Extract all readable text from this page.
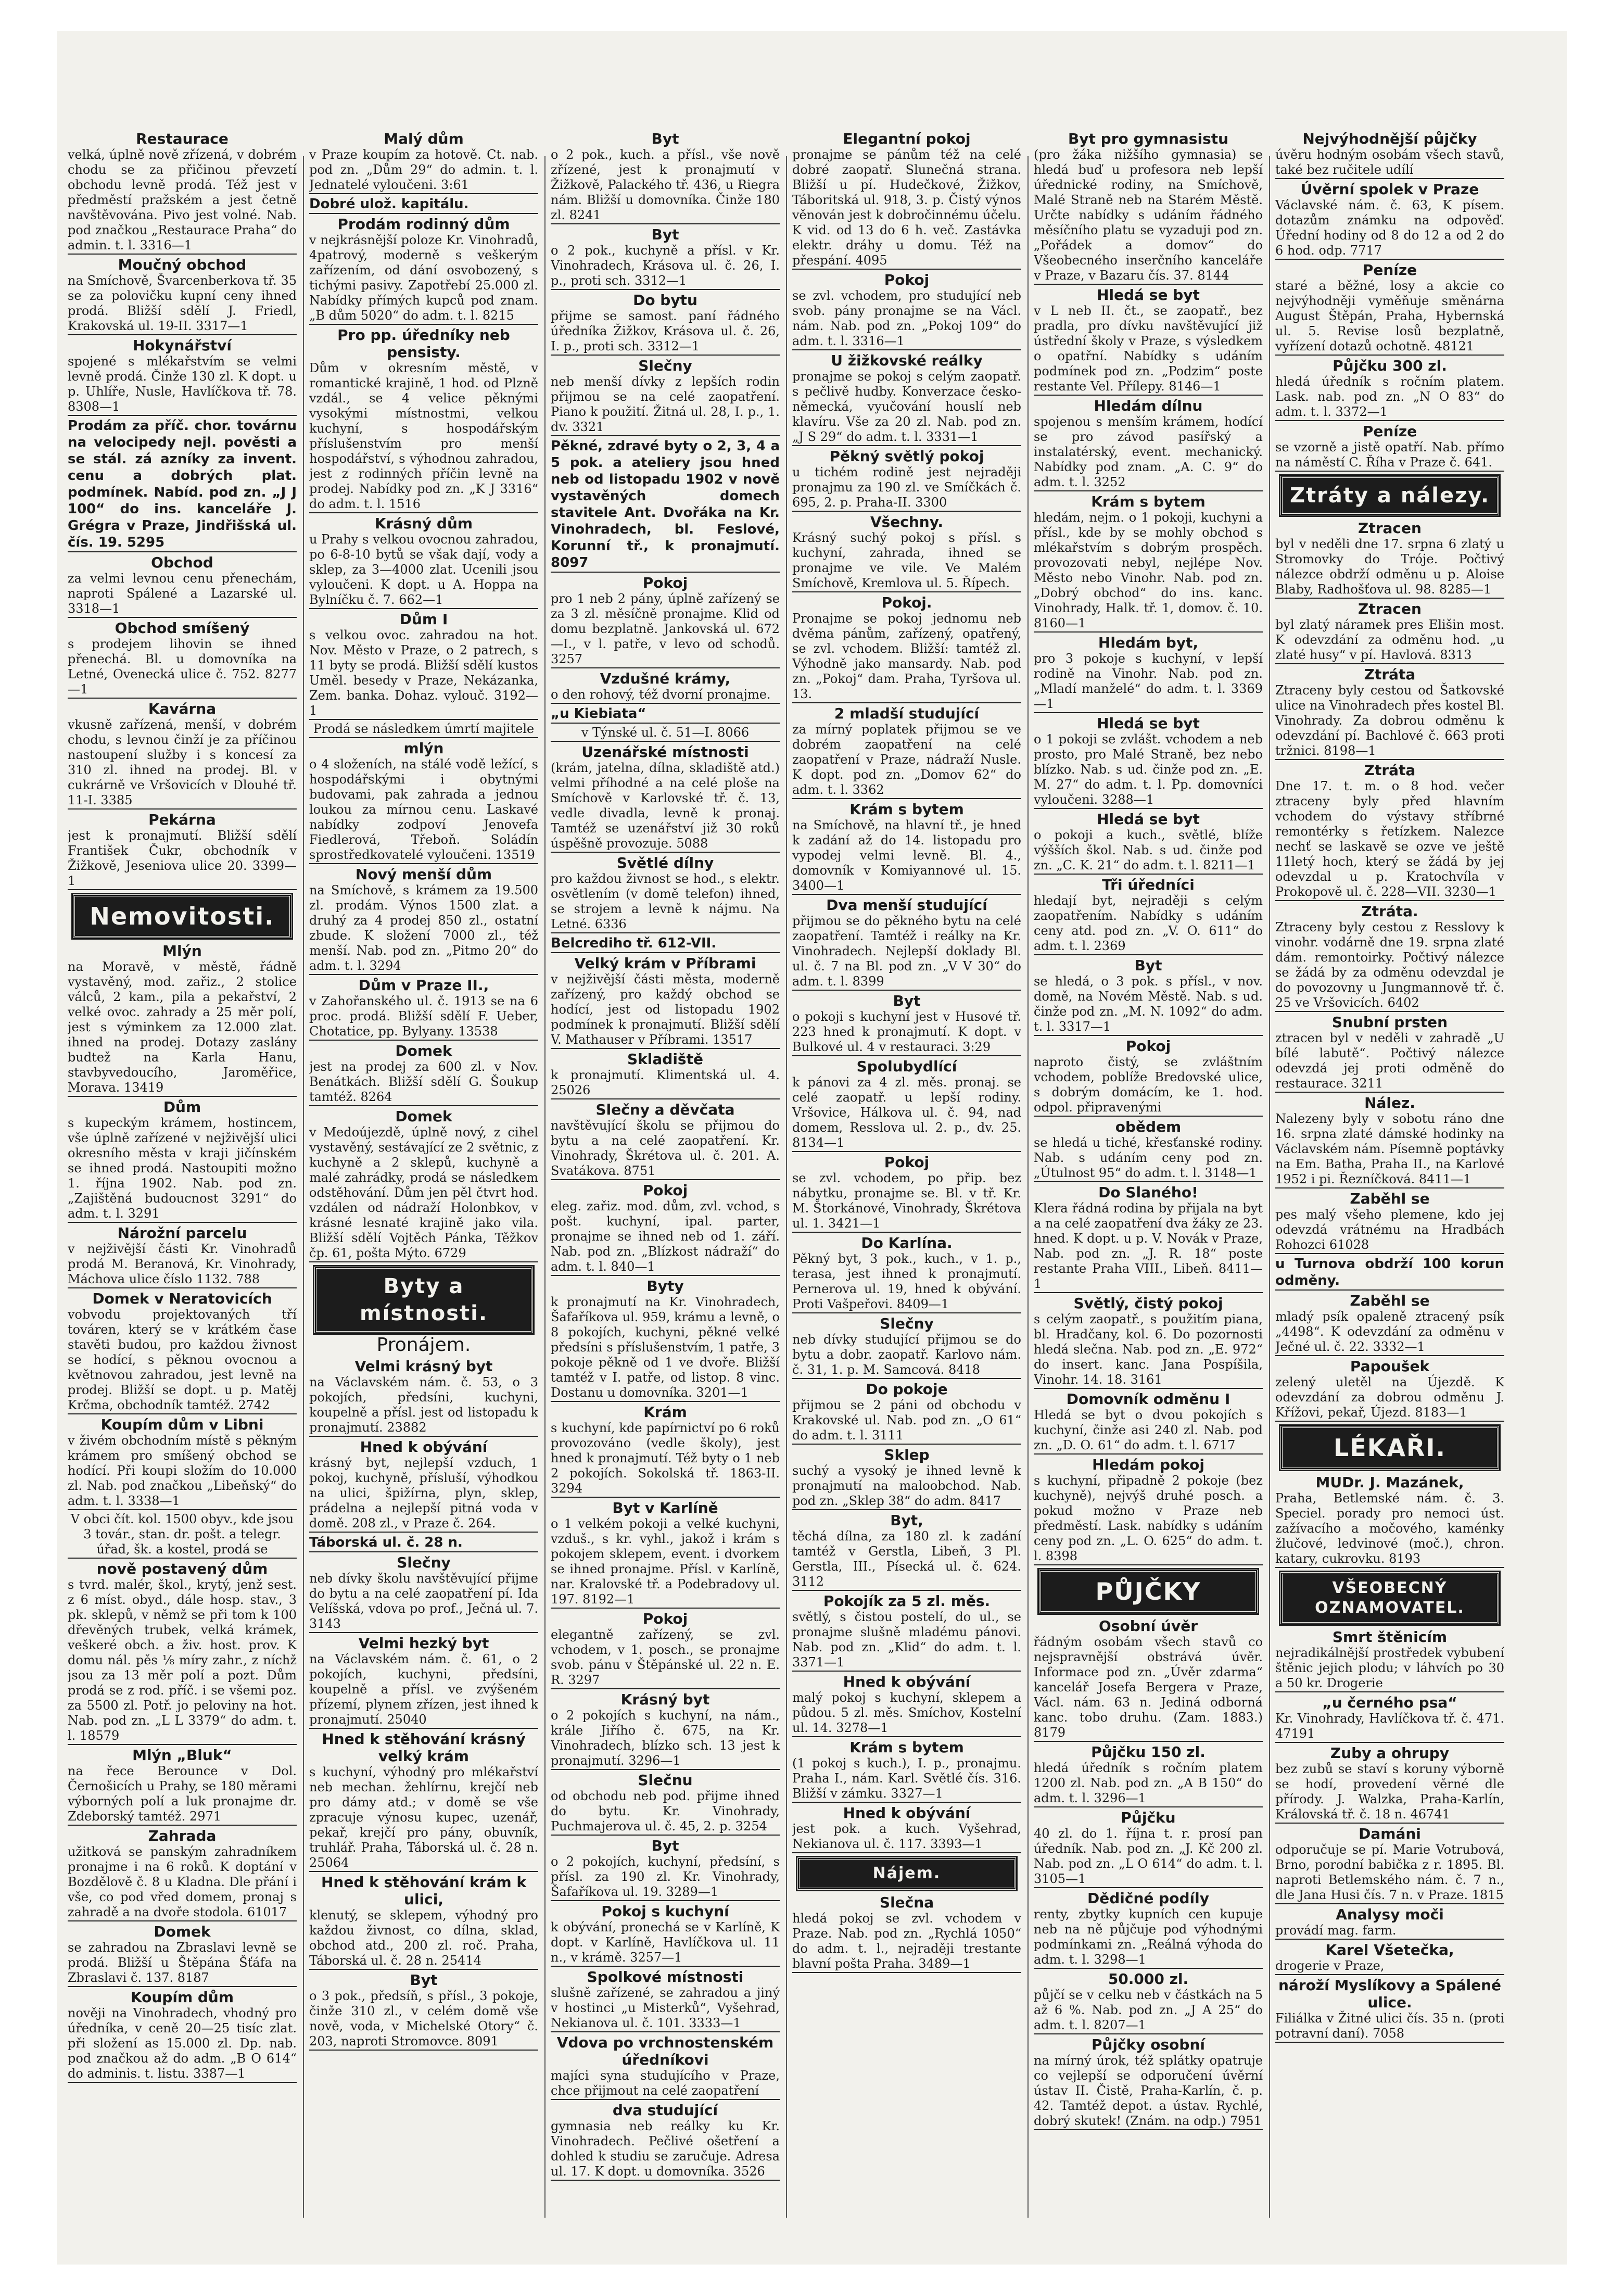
Restaurace

velká, úplně nově zřízená, v dobrém chodu se za přičinou převzetí obchodu levně prodá. Též jest v předměstí pražském a jest četně navštěvována. Pivo jest volné. Nab. pod značkou „Restaurace Praha“ do admin. t. l. 3316—1

Moučný obchod

na Smíchově, Švarcenberkova tř. 35 se za polovičku kupní ceny ihned prodá. Bližší sdělí J. Friedl, Krakovská ul. 19-II. 3317—1

Hokynářství

spojené s mlékařstvím se velmi levně prodá. Činže 130 zl. K dopt. u p. Uhlíře, Nusle, Havlíčkova tř. 78. 8308—1

Prodám za příč. chor. továrnu na velocipedy nejl. pověsti a se stál. zá azníky za invent. cenu a dobrých plat. podmínek. Nabíd. pod zn. „J J 100“ do ins. kanceláře J. Grégra v Praze, Jindřišská ul. čís. 19. 5295

Obchod

za velmi levnou cenu přenechám, naproti Spálené a Lazarské ul. 3318—1

Obchod smíšený

s prodejem lihovin se ihned přenechá. Bl. u domovníka na Letné, Ovenecká ulice č. 752. 8277—1

Kavárna

vkusně zařízená, menší, v dobrém chodu, s levnou činží je za příčinou nastoupení služby i s koncesí za 310 zl. ihned na prodej. Bl. v cukrárně ve Vršovicích v Dlouhé tř. 11-I. 3385

Pekárna

jest k pronajmutí. Bližší sdělí František Čukr, obchodník v Žižkově, Jeseniova ulice 20. 3399—1

Nemovitosti.
Mlýn

na Moravě, v městě, řádně vystavěný, mod. zařiz., 2 stolice válců, 2 kam., pila a pekařství, 2 velké ovoc. zahrady a 25 měr polí, jest s výminkem za 12.000 zlat. ihned na prodej. Dotazy zaslány budtež na Karla Hanu, stavbyvedoucího, Jaroměřice, Morava. 13419

Dům

s kupeckým krámem, hostincem, vše úplně zařízené v nejživější ulici okresního města v kraji jičínském se ihned prodá. Nastoupiti možno 1. října 1902. Nab. pod zn. „Zajištěná budoucnost 3291“ do adm. t. l. 3291

Nárožní parcelu

v nejživější části Kr. Vinohradů prodá M. Beranová, Kr. Vinohrady, Máchova ulice číslo 1132. 788

Domek v Neratovicích

vobvodu projektovaných tří továren, který se v krátkém čase stavěti budou, pro každou živnost se hodící, s pěknou ovocnou a květnovou zahradou, jest levně na prodej. Bližší se dopt. u p. Matěj Krčma, obchodník tamtéž. 2742

Koupím dům v Libni

v živém obchodním místě s pěkným krámem pro smíšený obchod se hodící. Při koupi složím do 10.000 zl. Nab. pod značkou „Libeňský“ do adm. t. l. 3338—1

V obci čít. kol. 1500 obyv., kde jsou 3 továr., stan. dr. pošt. a telegr. úřad, šk. a kostel, prodá se

nově postavený dům

s tvrd. malér, škol., krytý, jenž sest. z 6 míst. obyd., dále hosp. stav., 3 pk. sklepů, v němž se při tom k 100 dřevěných trubek, velká krámek, veškeré obch. a živ. host. prov. K domu nál. pěs ⅛ míry zahr., z níchž jsou za 13 měr polí a pozt. Dům prodá se z rod. příč. i se všemi poz. za 5500 zl. Potř. jo peloviny na hot. Nab. pod zn. „L L 3379“ do adm. t. l. 18579

Mlýn „Bluk“

na řece Berounce v Dol. Černošicích u Prahy, se 180 měrami výborných polí a luk pronajme dr. Zdeborský tamtéž. 2971

Zahrada

užitková se panským zahradníkem pronajme i na 6 roků. K doptání v Bozdělově č. 8 u Kladna. Dle přání i vše, co pod vřed domem, pronaj s zahradě a na dvoře stodola. 61017

Domek

se zahradou na Zbraslavi levně se prodá. Bližší u Štěpána Šťáfa na Zbraslavi č. 137. 8187

Koupím dům

nověji na Vinohradech, vhodný pro úředníka, v ceně 20—25 tisíc zlat. při složení as 15.000 zl. Dp. nab. pod značkou až do adm. „B O 614“ do adminis. t. listu. 3387—1

Malý dům

v Praze koupím za hotově. Ct. nab. pod zn. „Dům 29“ do admin. t. l. Jednatelé vyloučeni. 3:61

Dobré ulož. kapitálu.

Prodám rodinný dům

v nejkrásnější poloze Kr. Vinohradů, 4patrový, moderně s veškerým zařízením, od dání osvobozený, s tichými pasivy. Zapotřebí 25.000 zl. Nabídky přímých kupců pod znam. „B dům 5020“ do adm. t. l. 8215

Pro pp. úředníky neb pensisty.

Dům v okresním městě, v romantické krajině, 1 hod. od Plzně vzdál., se 4 velice pěknými vysokými místnostmi, velkou kuchyní, s hospodářským příslušenstvím pro menší hospodářství, s výhodnou zahradou, jest z rodinných příčin levně na prodej. Nabídky pod zn. „K J 3316“ do adm. t. l. 1516

Krásný dům

u Prahy s velkou ovocnou zahradou, po 6-8-10 bytů se však dají, vody a sklep, za 3—4000 zlat. Ucenili jsou vyloučeni. K dopt. u A. Hoppa na Bylníčku č. 7. 662—1

Dům I

s velkou ovoc. zahradou na hot. Nov. Město v Praze, o 2 patrech, s 11 byty se prodá. Bližší sdělí kustos Uměl. besedy v Praze, Nekázanka, Zem. banka. Dohaz. vylouč. 3192—1

Prodá se následkem úmrtí majitele

mlýn

o 4 složeních, na stálé vodě ležící, s hospodářskými i obytnými budovami, pak zahrada a jednou loukou za mírnou cenu. Laskavé nabídky zodpoví Jenovefa Fiedlerová, Třeboň. Soládín sprostředkovatelé vyloučeni. 13519

Nový menší dům

na Smíchově, s krámem za 19.500 zl. prodám. Výnos 1500 zlat. a druhý za 4 prodej 850 zl., ostatní zbude. K složení 7000 zl., též menší. Nab. pod zn. „Pitmo 20“ do adm. t. l. 3294

Dům v Praze II.,

v Zahořanského ul. č. 1913 se na 6 proc. prodá. Bližší sdělí F. Ueber, Chotatice, pp. Bylyany. 13538

Domek

jest na prodej za 600 zl. v Nov. Benátkách. Bližší sdělí G. Šoukup tamtéž. 8264

Domek

v Medoújezdě, úplně nový, z cihel vystavěný, sestávající ze 2 světnic, z kuchyně a 2 sklepů, kuchyně a malé zahrádky, prodá se následkem odstěhování. Dům jen pěl čtvrt hod. vzdálen od nádraží Holonbkov, v krásné lesnaté krajině jako vila. Bližší sdělí Vojtěch Pánka, Těžkov čp. 61, pošta Mýto. 6729

Byty a místnosti.
Pronájem.
Velmi krásný byt

na Václavském nám. č. 53, o 3 pokojích, předsíni, kuchyni, koupelně a přísl. jest od listopadu k pronajmutí. 23882

Hned k obývání

krásný byt, nejlepší vzduch, 1 pokoj, kuchyně, přísluší, výhodkou na ulici, špižírna, plyn, sklep, prádelna a nejlepší pitná voda v domě. 208 zl., v Praze č. 264.

Táborská ul. č. 28 n.

Slečny

neb dívky školu navštěvující přijme do bytu a na celé zaopatření pí. Ida Velíšská, vdova po prof., Ječná ul. 7. 3143

Velmi hezký byt

na Václavském nám. č. 61, o 2 pokojích, kuchyni, předsíni, koupelně a přísl. ve zvýšeném přízemí, plynem zřízen, jest ihned k pronajmutí. 25040

Hned k stěhování krásný velký krám

s kuchyní, výhodný pro mlékařství neb mechan. žehlírnu, krejčí neb pro dámy atd.; v domě se vše zpracuje výnosu kupec, uzenář, pekař, krejčí pro pány, obuvník, truhlář. Praha, Táborská ul. č. 28 n. 25064

Hned k stěhování krám k ulici,

klenutý, se sklepem, výhodný pro každou živnost, co dílna, sklad, obchod atd., 200 zl. roč. Praha, Táborská ul. č. 28 n. 25414

Byt

o 3 pok., předsíň, s přísl., 3 pokoje, činže 310 zl., v celém domě vše nově, voda, v Michelské Otory“ č. 203, naproti Stromovce. 8091

Byt

o 2 pok., kuch. a přísl., vše nově zřízené, jest k pronajmutí v Žižkově, Palackého tř. 436, u Riegra nám. Bližší u domovníka. Činže 180 zl. 8241

Byt

o 2 pok., kuchyně a přísl. v Kr. Vinohradech, Krásova ul. č. 26, I. p., proti sch. 3312—1

Do bytu

přijme se samost. paní řádného úředníka Žižkov, Krásova ul. č. 26, I. p., proti sch. 3312—1

Slečny

neb menší dívky z lepších rodin přijmou se na celé zaopatření. Piano k použití. Žitná ul. 28, I. p., 1. dv. 3321

Pěkné, zdravé byty o 2, 3, 4 a 5 pok. a ateliery jsou hned neb od listopadu 1902 v nově vystavěných domech stavitele Ant. Dvořáka na Kr. Vinohradech, bl. Feslové, Korunní tř., k pronajmutí. 8097

Pokoj

pro 1 neb 2 pány, úplně zařízený se za 3 zl. měsíčně pronajme. Klid od domu bezplatně. Jankovská ul. 672—I., v l. patře, v levo od schodů. 3257

Vzdušné krámy,

o den rohový, též dvorní pronajme.

„u Kiebiata“

v Týnské ul. č. 51—I. 8066

Uzenářské místnosti

(krám, jatelna, dílna, skladiště atd.) velmi příhodné a na celé ploše na Smíchově v Karlovské tř. č. 13, vedle divadla, levně k pronaj. Tamtéž se uzenářství již 30 roků úspěšně provozuje. 5088

Světlé dílny

pro každou živnost se hod., s elektr. osvětlením (v domě telefon) ihned, se strojem a levně k nájmu. Na Letné. 6336

Belcrediho tř. 612-VII.

Velký krám v Příbrami

v nejživější části města, moderně zařízený, pro každý obchod se hodící, jest od listopadu 1902 podmínek k pronajmutí. Bližší sdělí V. Mathauser v Příbrami. 13517

Skladiště

k pronajmutí. Klimentská ul. 4. 25026

Slečny a děvčata

navštěvující školu se přijmou do bytu a na celé zaopatření. Kr. Vinohrady, Škrétova ul. č. 201. A. Svatákova. 8751

Pokoj

eleg. zařiz. mod. dům, zvl. vchod, s pošt. kuchyní, ipal. parter, pronajme se ihned neb od 1. září. Nab. pod zn. „Blízkost nádraží“ do adm. t. l. 840—1

Byty

k pronajmutí na Kr. Vinohradech, Šafaříkova ul. 959, krámu a levně, o 8 pokojích, kuchyni, pěkné velké předsíni s příslušenstvím, 1 patře, 3 pokoje pěkně od 1 ve dvoře. Bližší tamtéž v I. patře, od listop. 8 vinc. Dostanu u domovníka. 3201—1

Krám

s kuchyní, kde papírnictví po 6 roků provozováno (vedle školy), jest hned k pronajmutí. Též byty o 1 neb 2 pokojích. Sokolská tř. 1863-II. 3294

Byt v Karlíně

o 1 velkém pokoji a velké kuchyni, vzduš., s kr. vyhl., jakož i krám s pokojem sklepem, event. i dvorkem se ihned pronajme. Přísl. v Karlíně, nar. Kralovské tř. a Podebradovy ul. 197. 8192—1

Pokoj

elegantně zařízený, se zvl. vchodem, v 1. posch., se pronajme svob. pánu v Štěpánské ul. 22 n. E. R. 3297

Krásný byt

o 2 pokojích s kuchyní, na nám., krále Jiřího č. 675, na Kr. Vinohradech, blízko sch. 13 jest k pronajmutí. 3296—1

Slečnu

od obchodu neb pod. přijme ihned do bytu. Kr. Vinohrady, Puchmajerova ul. č. 45, 2. p. 3254

Byt

o 2 pokojích, kuchyní, předsíní, s přísl. za 190 zl. Kr. Vinohrady, Šafaříkova ul. 19. 3289—1

Pokoj s kuchyní

k obývání, pronechá se v Karlíně, K dopt. v Karlíně, Havlíčkova ul. 11 n., v krámě. 3257—1

Spolkové místnosti

slušně zařízené, se zahradou a jiný v hostinci „u Misterků“, Vyšehrad, Nekianova ul. č. 101. 3333—1

Vdova po vrchnostenském úředníkovi

majíci syna studujícího v Praze, chce přijmout na celé zaopatření

dva studující

gymnasia neb reálky ku Kr. Vinohradech. Pečlivé ošetření a dohled k studiu se zaručuje. Adresa ul. 17. K dopt. u domovníka. 3526

Elegantní pokoj

pronajme se pánům též na celé dobré zaopatř. Slunečná strana. Bližší u pí. Hudečkové, Žižkov, Táboritská ul. 918, 3. p. Čistý výnos věnován jest k dobročinnému účelu. K vid. od 13 do 6 h. več. Zastávka elektr. dráhy u domu. Též na přespání. 4095

Pokoj

se zvl. vchodem, pro studující neb svob. pány pronajme se na Václ. nám. Nab. pod zn. „Pokoj 109“ do adm. t. l. 3316—1

U žižkovské reálky

pronajme se pokoj s celým zaopatř. s pečlivě hudby. Konverzace česko-německá, vyučování houslí neb klavíru. Vše za 20 zl. Nab. pod zn. „J S 29“ do adm. t. l. 3331—1

Pěkný světlý pokoj

u tichém rodině jest nejraději pronajmu za 190 zl. ve Smíčkách č. 695, 2. p. Praha-II. 3300

Všechny.

Krásný suchý pokoj s přísl. s kuchyní, zahrada, ihned se pronajme ve vile. Ve Malém Smíchově, Kremlova ul. 5. Řípech.

Pokoj.

Pronajme se pokoj jednomu neb dvěma pánům, zařízený, opatřený, se zvl. vchodem. Bližší: tamtéž zl. Výhodně jako mansardy. Nab. pod zn. „Pokoj“ dam. Praha, Tyršova ul. 13.

2 mladší studující

za mírný poplatek přijmou se ve dobrém zaopatření na celé zaopatření v Praze, nádraží Nusle. K dopt. pod zn. „Domov 62“ do adm. t. l. 3362

Krám s bytem

na Smíchově, na hlavní tř., je hned k zadání až do 14. listopadu pro vypodej velmi levně. Bl. 4., domovník v Komiyannové ul. 15. 3400—1

Dva menší studující

přijmou se do pěkného bytu na celé zaopatření. Tamtéž i reálky na Kr. Vinohradech. Nejlepší doklady Bl. ul. č. 7 na Bl. pod zn. „V V 30“ do adm. t. l. 8399

Byt

o pokoji s kuchyní jest v Husové tř. 223 hned k pronajmutí. K dopt. v Bulkové ul. 4 v restauraci. 3:29

Spolubydlící

k pánovi za 4 zl. měs. pronaj. se celé zaopatř. u lepší rodiny. Vršovice, Hálkova ul. č. 94, nad domem, Resslova ul. 2. p., dv. 25. 8134—1

Pokoj

se zvl. vchodem, po přip. bez nábytku, pronajme se. Bl. v tř. Kr. M. Štorkánové, Vinohrady, Škrétova ul. 1. 3421—1

Do Karlína.

Pěkný byt, 3 pok., kuch., v 1. p., terasa, jest ihned k pronajmutí. Pernerova ul. 19, hned k obývání. Proti Vašpeřovi. 8409—1

Slečny

neb dívky studující přijmou se do bytu a dobr. zaopatř. Karlovo nám. č. 31, 1. p. M. Samcová. 8418

Do pokoje

přijmou se 2 páni od obchodu v Krakovské ul. Nab. pod zn. „O 61“ do adm. t. l. 3111

Sklep

suchý a vysoký je ihned levně k pronajmutí na maloobchod. Nab. pod zn. „Sklep 38“ do adm. 8417

Byt,

těchá dílna, za 180 zl. k zadání tamtéž v Gerstla, Libeň, 3 Pl. Gerstla, III., Písecká ul. č. 624. 3112

Pokojík za 5 zl. měs.

světlý, s čistou postelí, do ul., se pronajme slušně mladému pánovi. Nab. pod zn. „Klid“ do adm. t. l. 3371—1

Hned k obývání

malý pokoj s kuchyní, sklepem a půdou. 5 zl. měs. Smíchov, Kostelní ul. 14. 3278—1

Krám s bytem

(1 pokoj s kuch.), I. p., pronajmu. Praha I., nám. Karl. Světlé čís. 316. Bližší v zámku. 3327—1

Hned k obývání

jest pok. a kuch. Vyšehrad, Nekianova ul. č. 117. 3393—1

Nájem.
Slečna

hledá pokoj se zvl. vchodem v Praze. Nab. pod zn. „Rychlá 1050“ do adm. t. l., nejraději trestante blavní pošta Praha. 3489—1

Byt pro gymnasistu

(pro žáka nižšího gymnasia) se hledá buď u profesora neb lepší úřednické rodiny, na Smíchově, Malé Straně neb na Starém Městě. Určte nabídky s udáním řádného měsíčního platu se vyzaduji pod zn. „Pořádek a domov“ do Všeobecného inserčního kanceláře v Praze, v Bazaru čís. 37. 8144

Hledá se byt

v L neb II. čt., se zaopatř., bez pradla, pro dívku navštěvující již ústřední školy v Praze, s výsledkem o opatřní. Nabídky s udáním podmínek pod zn. „Podzim“ poste restante Vel. Přílepy. 8146—1

Hledám dílnu

spojenou s menším krámem, hodící se pro závod pasířský a instalatérský, event. mechanický. Nabídky pod znam. „A. C. 9“ do adm. t. l. 3252

Krám s bytem

hledám, nejm. o 1 pokoji, kuchyni a přísl., kde by se mohly obchod s mlékařstvím s dobrým prospěch. provozovati nebyl, nejlépe Nov. Město nebo Vinohr. Nab. pod zn. „Dobrý obchod“ do ins. kanc. Vinohrady, Halk. tř. 1, domov. č. 10. 8160—1

Hledám byt,

pro 3 pokoje s kuchyní, v lepší rodině na Vinohr. Nab. pod zn. „Mladí manželé“ do adm. t. l. 3369—1

Hledá se byt

o 1 pokoji se zvlášt. vchodem a neb prosto, pro Malé Straně, bez nebo blízko. Nab. s ud. činže pod zn. „E. M. 27“ do adm. t. l. Pp. domovníci vyloučeni. 3288—1

Hledá se byt

o pokoji a kuch., světlé, blíže výšších škol. Nab. s ud. činže pod zn. „C. K. 21“ do adm. t. l. 8211—1

Tři úředníci

hledají byt, nejraději s celým zaopatřením. Nabídky s udáním ceny atd. pod zn. „V. O. 611“ do adm. t. l. 2369

Byt

se hledá, o 3 pok. s přísl., v nov. domě, na Novém Městě. Nab. s ud. činže pod zn. „M. N. 1092“ do adm. t. l. 3317—1

Pokoj

naproto čistý, se zvláštním vchodem, poblíže Bredovské ulice, s dobrým domácím, ke 1. hod. odpol. připravenými

obědem

se hledá u tiché, křesťanské rodiny. Nab. s udáním ceny pod zn. „Útulnost 95“ do adm. t. l. 3148—1

Do Slaného!

Klera řádná rodina by přijala na byt a na celé zaopatření dva žáky ze 23. hned. K dopt. u p. V. Novák v Praze, Nab. pod zn. „J. R. 18“ poste restante Praha VIII., Libeň. 8411—1

Světlý, čistý pokoj

s celým zaopatř., s použitím piana, bl. Hradčany, kol. 6. Do pozornosti hledá slečna. Nab. pod zn. „E. 972“ do insert. kanc. Jana Pospíšila, Vinohr. 14. 18. 3161

Domovník odměnu I

Hledá se byt o dvou pokojích s kuchyní, činže asi 240 zl. Nab. pod zn. „D. O. 61“ do adm. t. l. 6717

Hledám pokoj

s kuchyní, připadně 2 pokoje (bez kuchyně), nejvýš druhé posch. a pokud možno v Praze neb předměstí. Lask. nabídky s udáním ceny pod zn. „L. O. 625“ do adm. t. l. 8398

PŮJČKY
Osobní úvěr

řádným osobám všech stavů co nejspravnější obstrává úvěr. Informace pod zn. „Úvěr zdarma“ kancelář Josefa Bergera v Praze, Václ. nám. 63 n. Jediná odborná kanc. tobo druhu. (Zam. 1883.) 8179

Půjčku 150 zl.

hledá úředník s ročním platem 1200 zl. Nab. pod zn. „A B 150“ do adm. t. l. 3296—1

Půjčku

40 zl. do 1. října t. r. prosí pan úředník. Nab. pod zn. „J. Kč 200 zl. Nab. pod zn. „L O 614“ do adm. t. l. 3105—1

Dědičné podíly

renty, zbytky kupních cen kupuje neb na ně půjčuje pod výhodnými podmínkami zn. „Reálná výhoda do adm. t. l. 3298—1

50.000 zl.

půjčí se v celku neb v částkách na 5 až 6 %. Nab. pod zn. „J A 25“ do adm. t. l. 8207—1

Půjčky osobní

na mírný úrok, též splátky opatruje co vejlepší se odporučení úvěrní ústav II. Čistě, Praha-Karlín, č. p. 42. Tamtéž depot. a ústav. Rychlé, dobrý skutek! (Znám. na odp.) 7951

Nejvýhodnější půjčky

úvěru hodným osobám všech stavů, také bez ručitele udílí

Úvěrní spolek v Praze

Václavské nám. č. 63, K písem. dotazům známku na odpověď. Úřední hodiny od 8 do 12 a od 2 do 6 hod. odp. 7717

Peníze

staré a běžné, losy a akcie co nejvýhodněji vyměňuje směnárna August Štěpán, Praha, Hybernská ul. 5. Revise losů bezplatně, vyřízení dotazů ochotně. 48121

Půjčku 300 zl.

hledá úředník s ročním platem. Lask. nab. pod zn. „N O 83“ do adm. t. l. 3372—1

Peníze

se vzorně a jistě opatří. Nab. přímo na náměstí C. Říha v Praze č. 641.

Ztráty a nálezy.
Ztracen

byl v neděli dne 17. srpna 6 zlatý u Stromovky do Tróje. Počtivý nálezce obdrží odměnu u p. Aloise Blaby, Radhošťova ul. 98. 8285—1

Ztracen

byl zlatý náramek pres Elišin most. K odevzdání za odměnu hod. „u zlaté husy“ v pí. Havlová. 8313

Ztráta

Ztraceny byly cestou od Šatkovské ulice na Vinohradech přes kostel Bl. Vinohrady. Za dobrou odměnu k odevzdání pí. Bachlové č. 663 proti tržnici. 8198—1

Ztráta

Dne 17. t. m. o 8 hod. večer ztraceny byly před hlavním vchodem do výstavy stříbrné remontérky s řetízkem. Nalezce nechť se laskavě se ozve ve ještě 11letý hoch, který se žádá by jej odevzdal u p. Kratochvíla v Prokopově ul. č. 228—VII. 3230—1

Ztráta.

Ztraceny byly cestou z Resslovy k vinohr. vodárně dne 19. srpna zlaté dám. remontoirky. Počtivý nálezce se žádá by za odměnu odevzdal je do povozovny u Jungmannově tř. č. 25 ve Vršovicích. 6402

Snubní prsten

ztracen byl v neděli v zahradě „U bílé labutě“. Počtivý nálezce odevzdá jej proti odměně do restaurace. 3211

Nález.

Nalezeny byly v sobotu ráno dne 16. srpna zlaté dámské hodinky na Václavském nám. Písemně poptávky na Em. Batha, Praha II., na Karlové 1952 i pi. Řezníčková. 8411—1

Zaběhl se

pes malý všeho plemene, kdo jej odevzdá vrátnému na Hradbách Rohozci 61028

u Turnova obdrží 100 korun odměny.

Zaběhl se

mladý psík opaleně ztracený psík „4498“. K odevzdání za odměnu v Ječné ul. č. 22. 3332—1

Papoušek

zelený uletěl na Újezdě. K odevzdání za dobrou odměnu J. Křížovi, pekař, Újezd. 8183—1

LÉKAŘI.
MUDr. J. Mazánek,

Praha, Betlemské nám. č. 3. Speciel. porady pro nemoci úst. zažívacího a močového, kaménky žlučové, ledvinové (moč.), chron. katary, cukrovku. 8193

VŠEOBECNÝ OZNAMOVATEL.
Smrt štěnicím

nejradikálnější prostředek vybubení štěnic jejich plodu; v láhvích po 30 a 50 kr. Drogerie

„u černého psa“

Kr. Vinohrady, Havlíčkova tř. č. 471. 47191

Zuby a ohrupy

bez zubů se staví s koruny výborně se hodí, provedení věrné dle přírody. J. Walzka, Praha-Karlín, Královská tř. č. 18 n. 46741

Damáni

odporučuje se pí. Marie Votrubová, Brno, porodní babička z r. 1895. Bl. naproti Betlemského nám. č. 7 n., dle Jana Husi čís. 7 n. v Praze. 1815

Analysy moči

provádí mag. farm.

Karel Všetečka,

drogerie v Praze,

nároží Myslíkovy a Spálené ulice.

Filiálka v Žitné ulici čís. 35 n. (proti potravní daní). 7058
